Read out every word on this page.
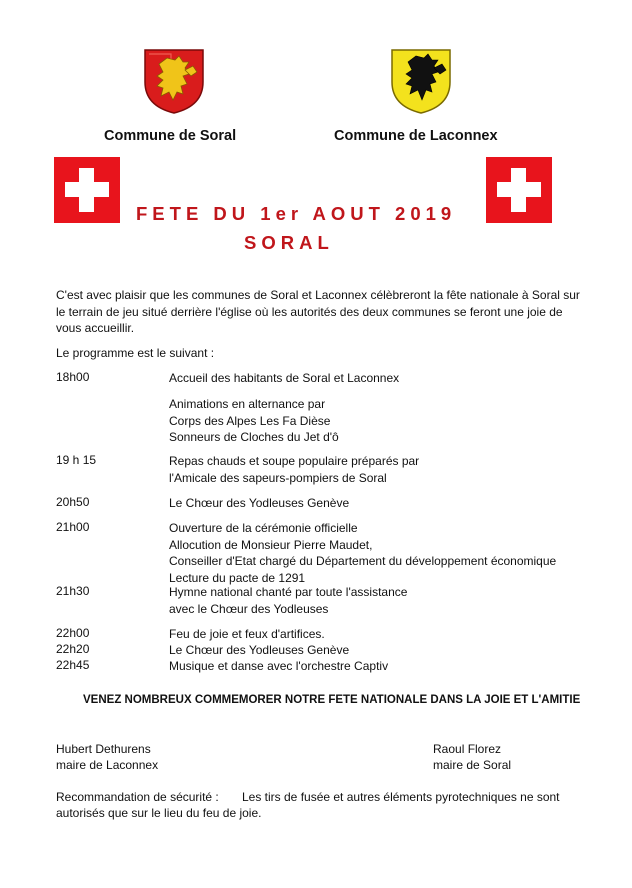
Commune de Soral	Commune de Laconnex
FETE DU 1er AOUT 2019
SORAL
C'est avec plaisir que les communes de Soral et Laconnex célèbreront la fête nationale à Soral sur le terrain de jeu situé derrière l'église où les autorités des deux communes se feront une joie de vous accueillir.
Le programme est le suivant :
18h00	Accueil des habitants de Soral et Laconnex
Animations en alternance par
Corps des Alpes Les Fa Dièse
Sonneurs de Cloches du Jet d'ô
19 h 15	Repas chauds et soupe populaire préparés par
l'Amicale des sapeurs-pompiers de Soral
20h50	Le Chœur des Yodleuses Genève
21h00	Ouverture de la cérémonie officielle
Allocution de Monsieur Pierre Maudet,
Conseiller d'Etat chargé du Département du développement économique
Lecture du pacte de 1291
21h30	Hymne national chanté par toute l'assistance
avec le Chœur des Yodleuses
22h00	Feu de joie et feux d'artifices.
22h20	Le Chœur des Yodleuses Genève
22h45	Musique et danse avec l'orchestre Captiv
VENEZ NOMBREUX COMMEMORER NOTRE FETE NATIONALE DANS LA JOIE ET L'AMITIE
Hubert Dethurens
maire de Laconnex
Raoul Florez
maire de Soral
Recommandation de sécurité : Les tirs de fusée et autres éléments pyrotechniques ne sont
autorisés que sur le lieu du feu de joie.
